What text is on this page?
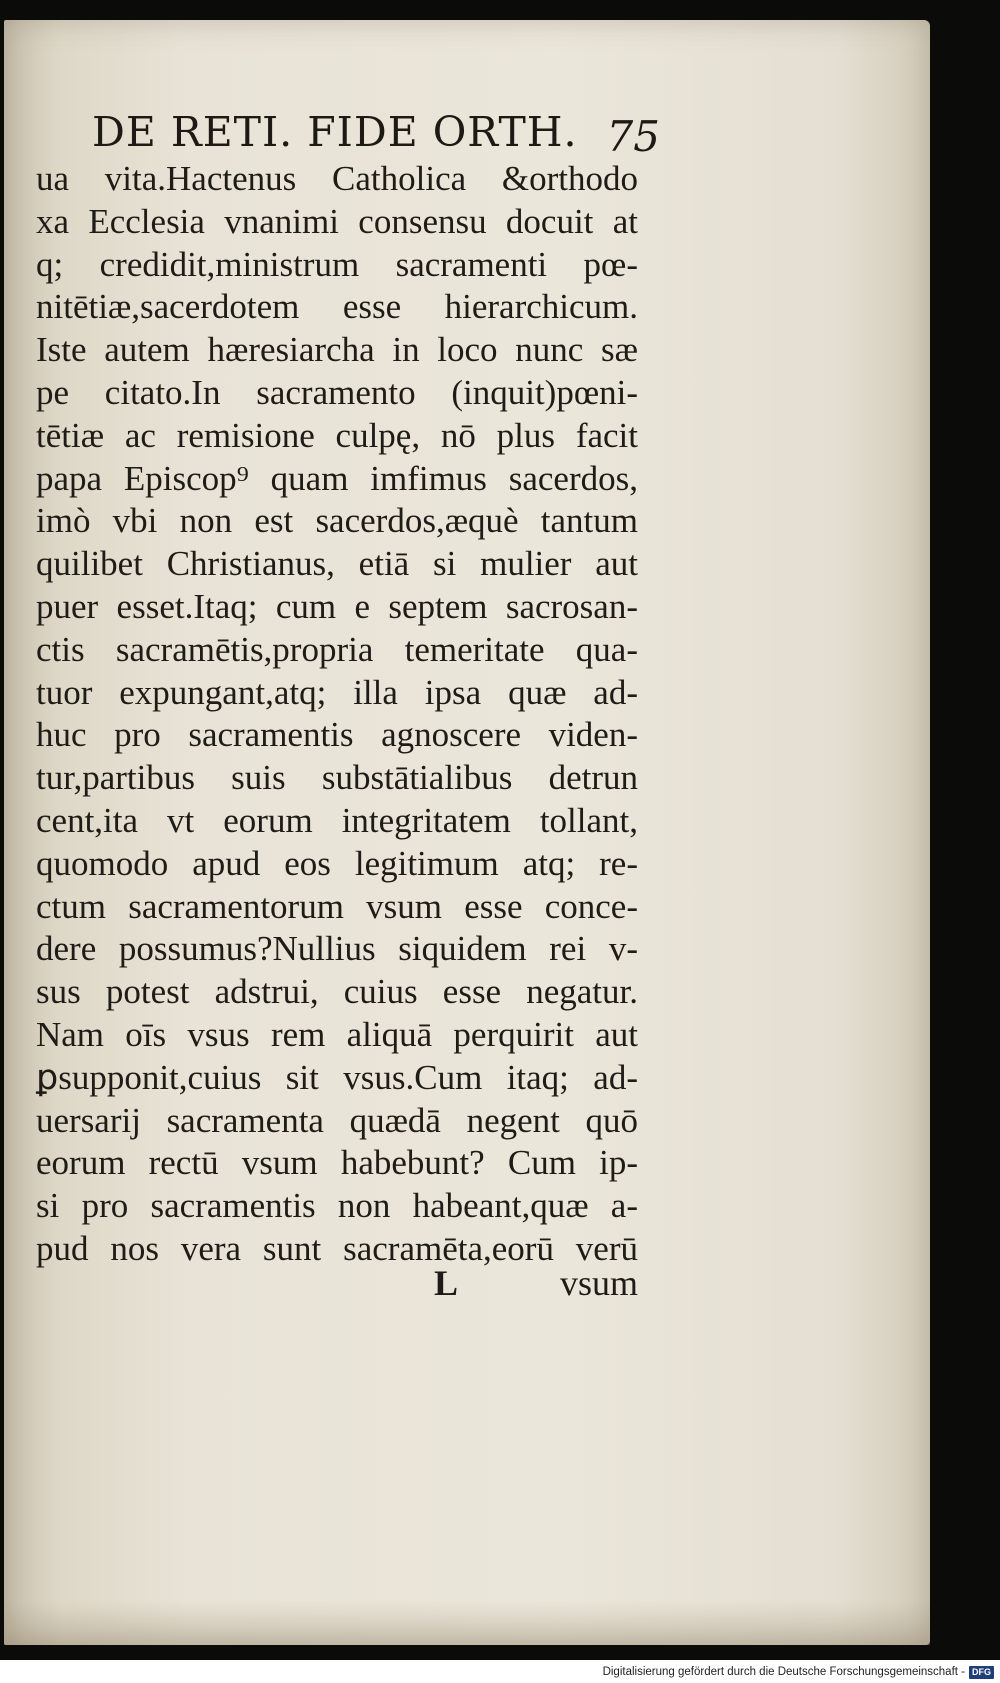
DE RETI. FIDE ORTH. 75
ua vita.Hactenus Catholica &orthodo
xa Ecclesia vnanimi consensu docuit at
q; credidit,ministrum sacramenti pœ-
nitētiæ,sacerdotem esse hierarchicum.
Iste autem hæresiarcha in loco nunc sæ
pe citato.In sacramento (inquit)pœni-
tētiæ ac remisione culpę, nō plus facit
papa Episcop⁹ quam imfimus sacerdos,
imò vbi non est sacerdos,æquè tantum
quilibet Christianus, etiā si mulier aut
puer esset.Itaq; cum e septem sacrosan-
ctis sacramētis,propria temeritate qua-
tuor expungant,atq; illa ipsa quæ ad-
huc pro sacramentis agnoscere viden-
tur,partibus suis substātialibus detrun
cent,ita vt eorum integritatem tollant,
quomodo apud eos legitimum atq; re-
ctum sacramentorum vsum esse conce-
dere possumus?Nullius siquidem rei v-
sus potest adstrui, cuius esse negatur.
Nam oīs vsus rem aliquā perquirit aut
ꝑsupponit,cuius sit vsus.Cum itaq; ad-
uersarij sacramenta quædā negent quō
eorum rectū vsum habebunt? Cum ip-
si pro sacramentis non habeant,quæ a-
pud nos vera sunt sacramēta,eorū verū
L	vsum
Digitalisierung gefördert durch die Deutsche Forschungsgemeinschaft - DFG
